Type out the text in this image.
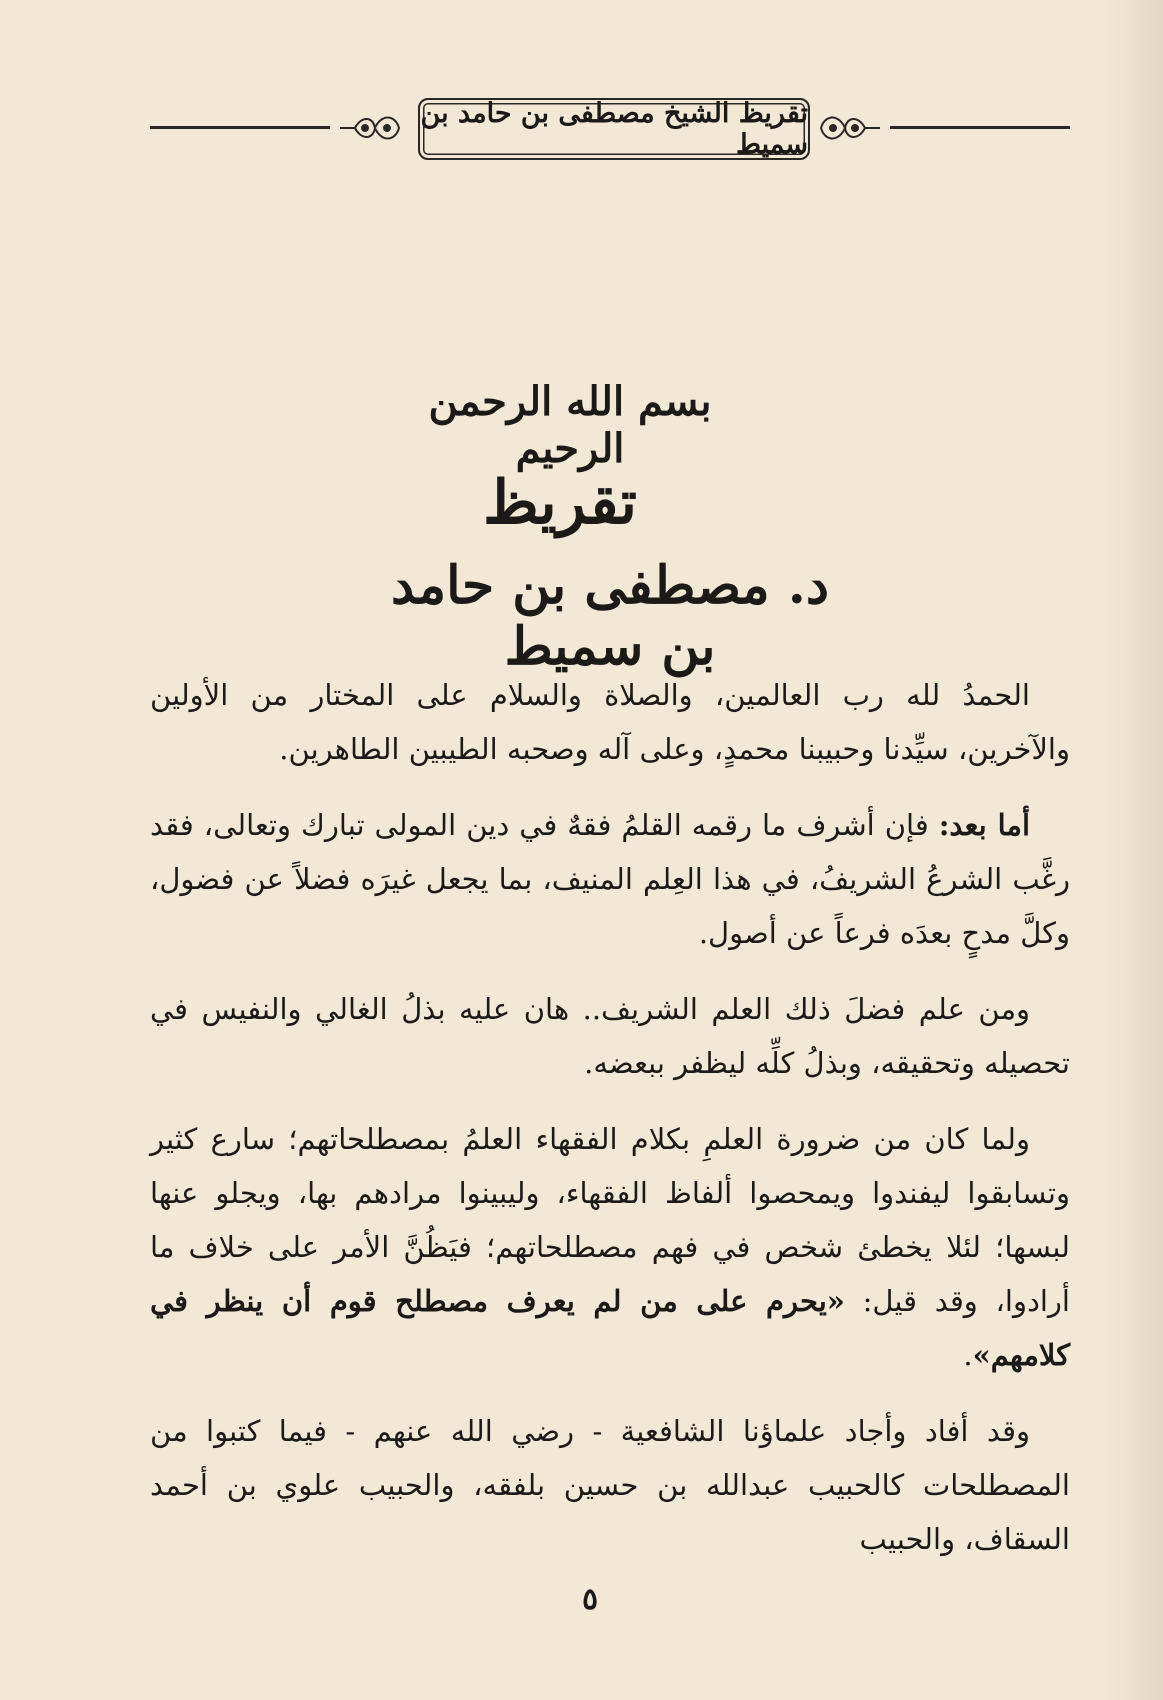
تقريظ الشيخ مصطفى بن حامد بن سميط
بسم الله الرحمن الرحيم
تقريظ
د. مصطفى بن حامد بن سميط

الحمدُ لله رب العالمين، والصلاة والسلام على المختار من الأولين والآخرين، سيِّدنا وحبيبنا محمدٍ، وعلى آله وصحبه الطيبين الطاهرين.

أما بعد: فإن أشرف ما رقمه القلمُ فقهٌ في دين المولى تبارك وتعالى، فقد رغَّب الشرعُ الشريفُ، في هذا العِلم المنيف، بما يجعل غيرَه فضلاً عن فضول، وكلَّ مدحٍ بعدَه فرعاً عن أصول.

ومن علم فضلَ ذلك العلم الشريف.. هان عليه بذلُ الغالي والنفيس في تحصيله وتحقيقه، وبذلُ كلِّه ليظفر ببعضه.

ولما كان من ضرورة العلمِ بكلام الفقهاء العلمُ بمصطلحاتهم؛ سارع كثير وتسابقوا ليفندوا ويمحصوا ألفاظ الفقهاء، وليبينوا مرادهم بها، ويجلو عنها لبسها؛ لئلا يخطئ شخص في فهم مصطلحاتهم؛ فيَظُنَّ الأمر على خلاف ما أرادوا، وقد قيل: «يحرم على من لم يعرف مصطلح قوم أن ينظر في كلامهم».

وقد أفاد وأجاد علماؤنا الشافعية - رضي الله عنهم - فيما كتبوا من المصطلحات كالحبيب عبدالله بن حسين بلفقه، والحبيب علوي بن أحمد السقاف، والحبيب

٥
